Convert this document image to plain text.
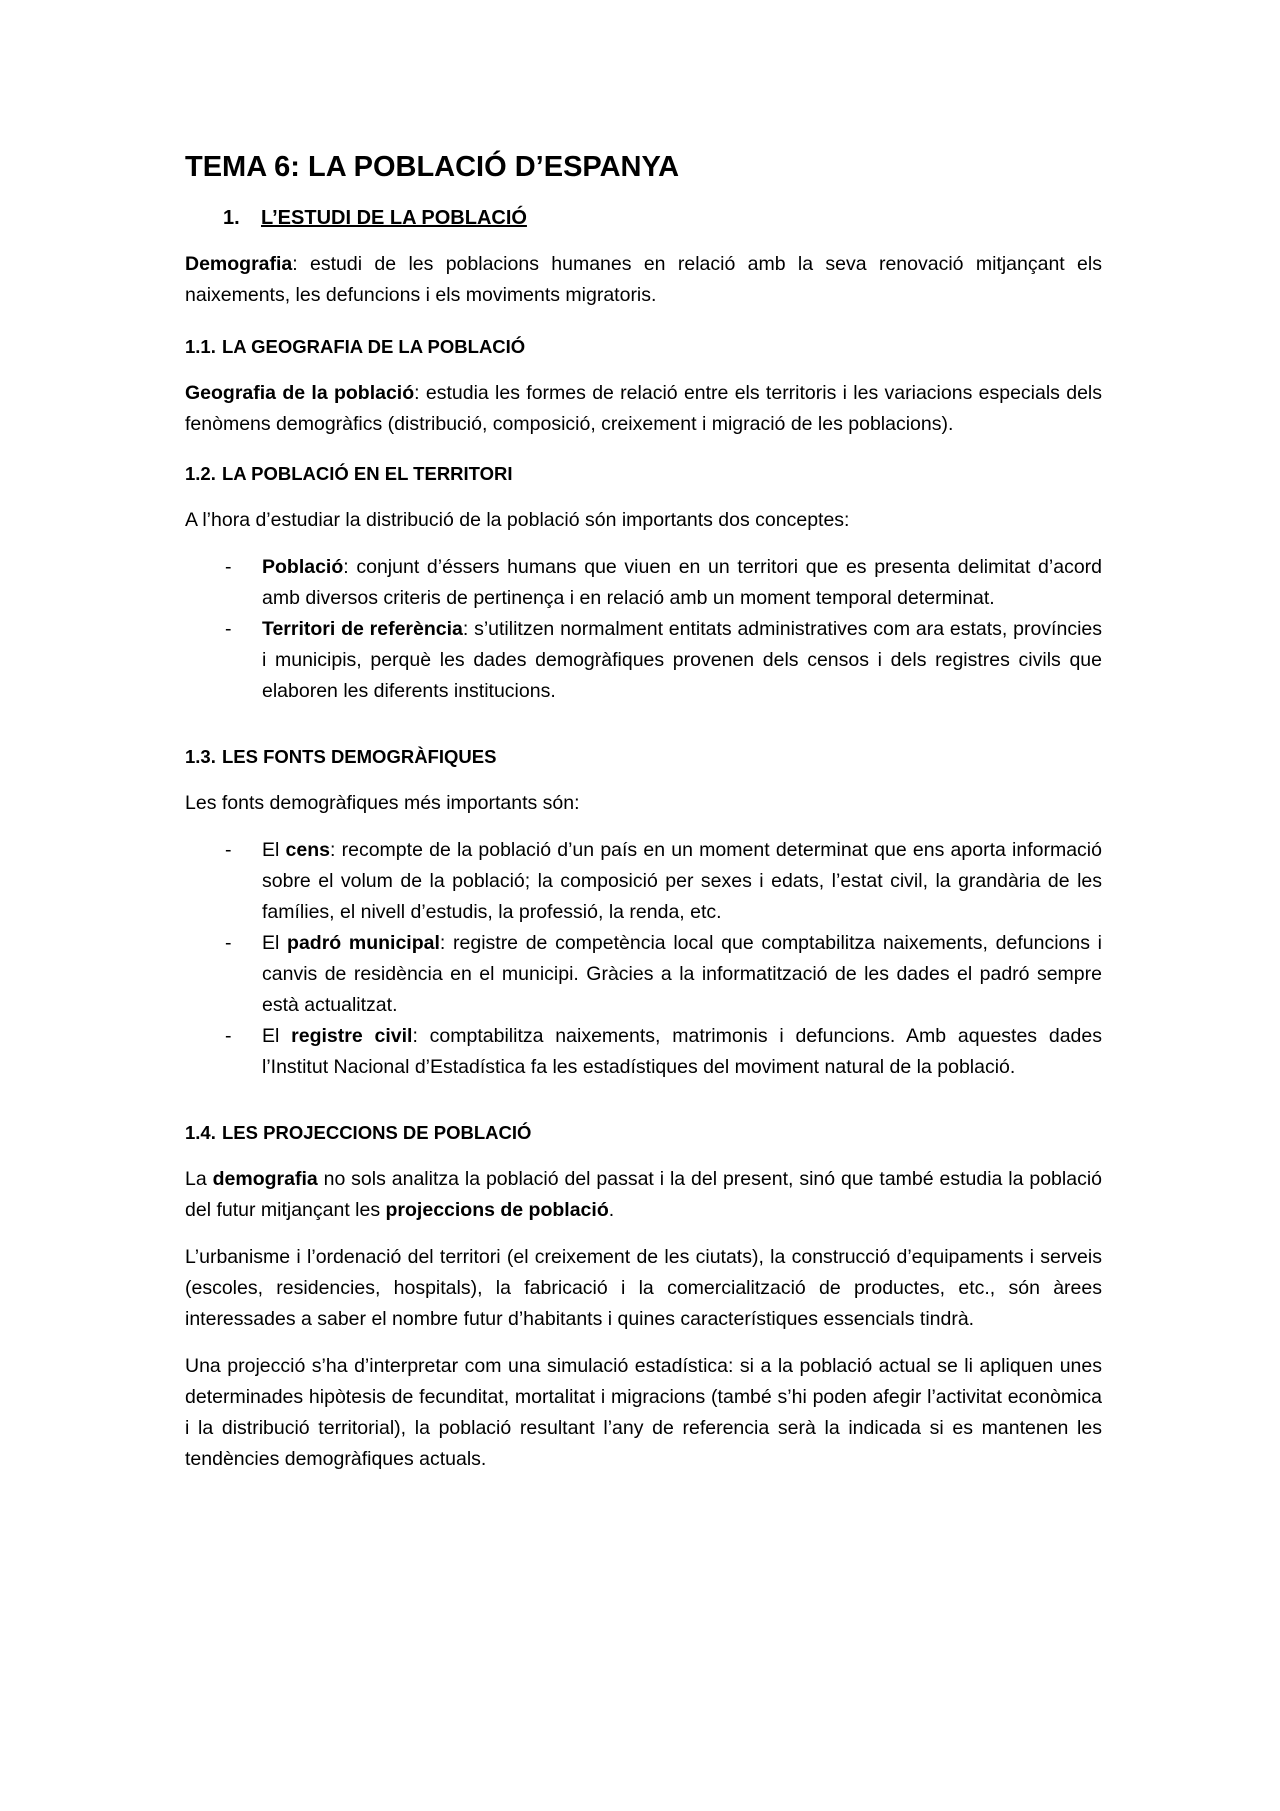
TEMA 6: LA POBLACIÓ D’ESPANYA
1. L’ESTUDI DE LA POBLACIÓ

Demografia: estudi de les poblacions humanes en relació amb la seva renovació mitjançant els naixements, les defuncions i els moviments migratoris.

1.1. LA GEOGRAFIA DE LA POBLACIÓ

Geografia de la població: estudia les formes de relació entre els territoris i les variacions especials dels fenòmens demogràfics (distribució, composició, creixement i migració de les poblacions).

1.2. LA POBLACIÓ EN EL TERRITORI

A l’hora d’estudiar la distribució de la població són importants dos conceptes:

- Població: conjunt d’éssers humans que viuen en un territori que es presenta delimitat d’acord amb diversos criteris de pertinença i en relació amb un moment temporal determinat.
- Territori de referència: s’utilitzen normalment entitats administratives com ara estats, províncies i municipis, perquè les dades demogràfiques provenen dels censos i dels registres civils que elaboren les diferents institucions.
1.3. LES FONTS DEMOGRÀFIQUES

Les fonts demogràfiques més importants són:

- El cens: recompte de la població d’un país en un moment determinat que ens aporta informació sobre el volum de la població; la composició per sexes i edats, l’estat civil, la grandària de les famílies, el nivell d’estudis, la professió, la renda, etc.
- El padró municipal: registre de competència local que comptabilitza naixements, defuncions i canvis de residència en el municipi. Gràcies a la informatització de les dades el padró sempre està actualitzat.
- El registre civil: comptabilitza naixements, matrimonis i defuncions. Amb aquestes dades l’Institut Nacional d’Estadística fa les estadístiques del moviment natural de la població.
1.4. LES PROJECCIONS DE POBLACIÓ

La demografia no sols analitza la població del passat i la del present, sinó que també estudia la població del futur mitjançant les projeccions de població.

L’urbanisme i l’ordenació del territori (el creixement de les ciutats), la construcció d’equipaments i serveis (escoles, residencies, hospitals), la fabricació i la comercialització de productes, etc., són àrees interessades a saber el nombre futur d’habitants i quines característiques essencials tindrà.

Una projecció s’ha d’interpretar com una simulació estadística: si a la població actual se li apliquen unes determinades hipòtesis de fecunditat, mortalitat i migracions (també s’hi poden afegir l’activitat econòmica i la distribució territorial), la població resultant l’any de referencia serà la indicada si es mantenen les tendències demogràfiques actuals.
